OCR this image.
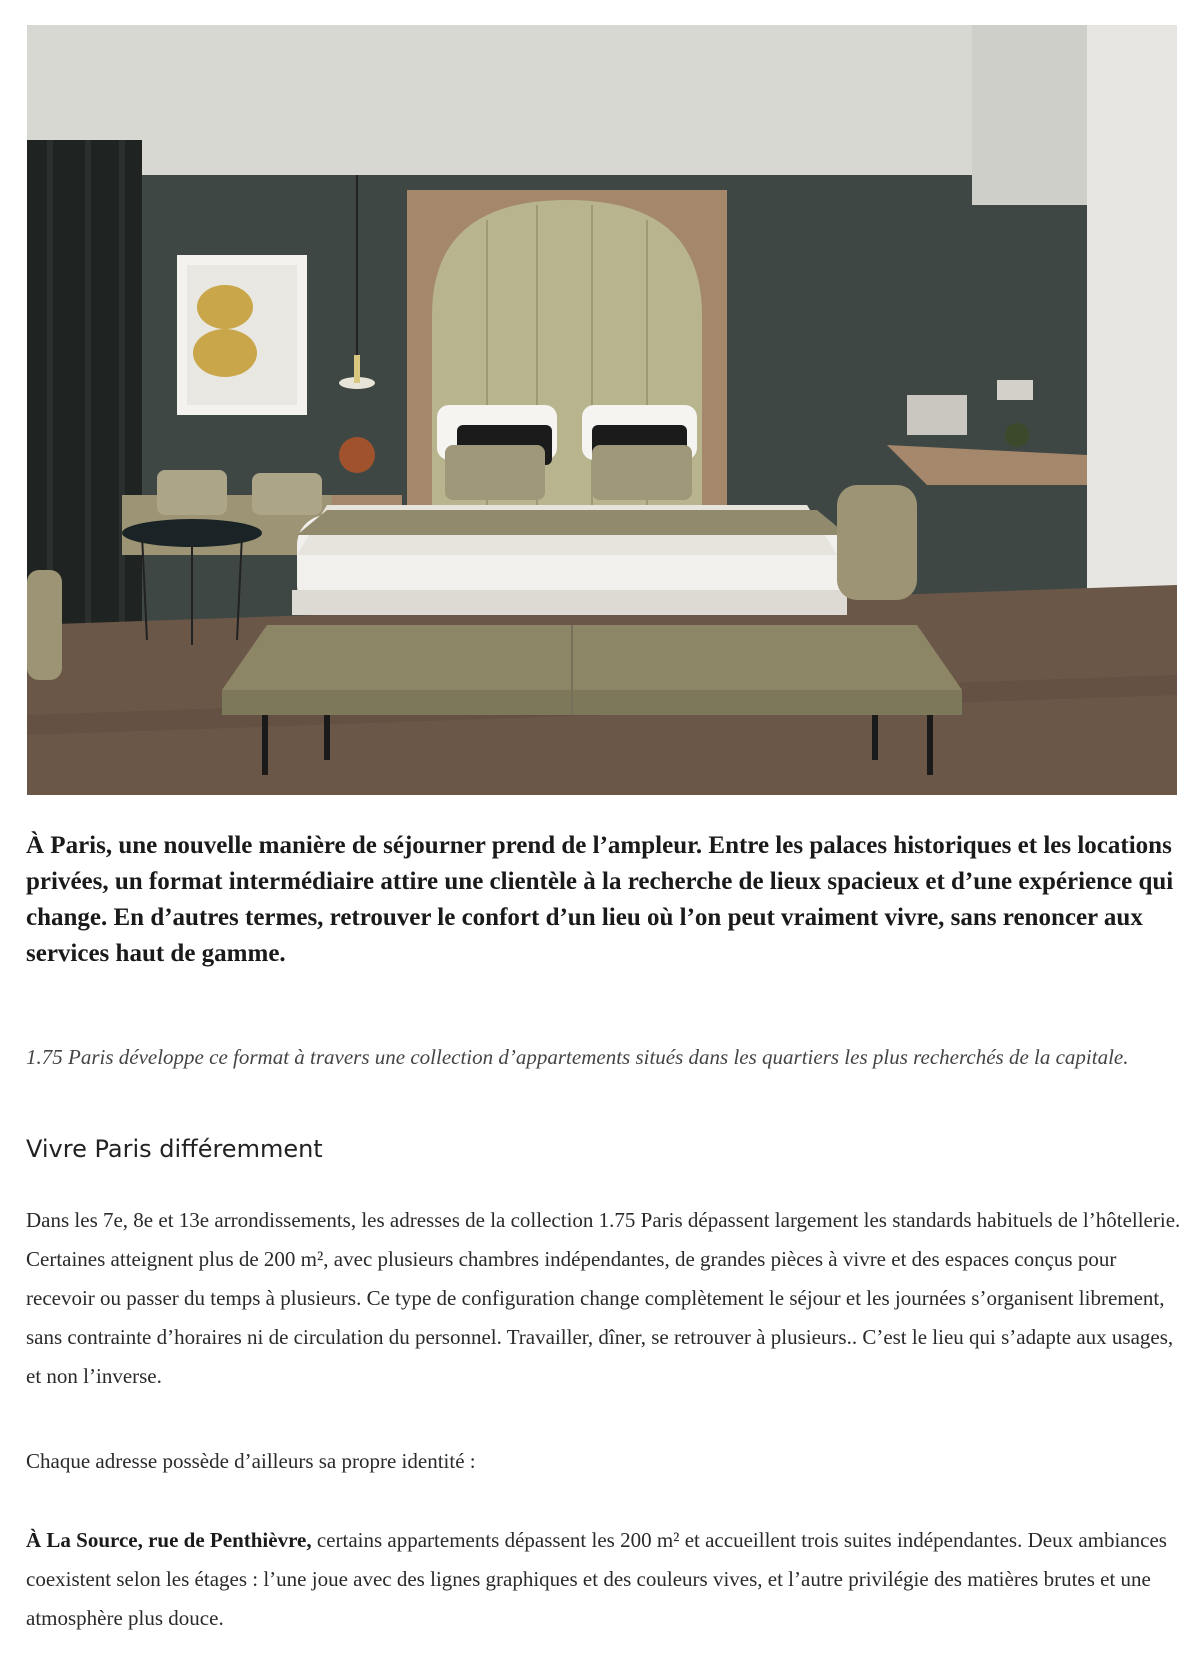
À Paris, une nouvelle manière de séjourner prend de l’ampleur. Entre les palaces historiques et les locations privées, un format intermédiaire attire une clientèle à la recherche de lieux spacieux et d’une expérience qui change. En d’autres termes, retrouver le confort d’un lieu où l’on peut vraiment vivre, sans renoncer aux services haut de gamme.

1.75 Paris développe ce format à travers une collection d’appartements situés dans les quartiers les plus recherchés de la capitale.

Vivre Paris différemment

Dans les 7e, 8e et 13e arrondissements, les adresses de la collection 1.75 Paris dépassent largement les standards habituels de l’hôtellerie. Certaines atteignent plus de 200 m², avec plusieurs chambres indépendantes, de grandes pièces à vivre et des espaces conçus pour recevoir ou passer du temps à plusieurs. Ce type de configuration change complètement le séjour et les journées s’organisent librement, sans contrainte d’horaires ni de circulation du personnel. Travailler, dîner, se retrouver à plusieurs.. C’est le lieu qui s’adapte aux usages, et non l’inverse.

Chaque adresse possède d’ailleurs sa propre identité :

À La Source, rue de Penthièvre, certains appartements dépassent les 200 m² et accueillent trois suites indépendantes. Deux ambiances coexistent selon les étages : l’une joue avec des lignes graphiques et des couleurs vives, et l’autre privilégie des matières brutes et une atmosphère plus douce.
